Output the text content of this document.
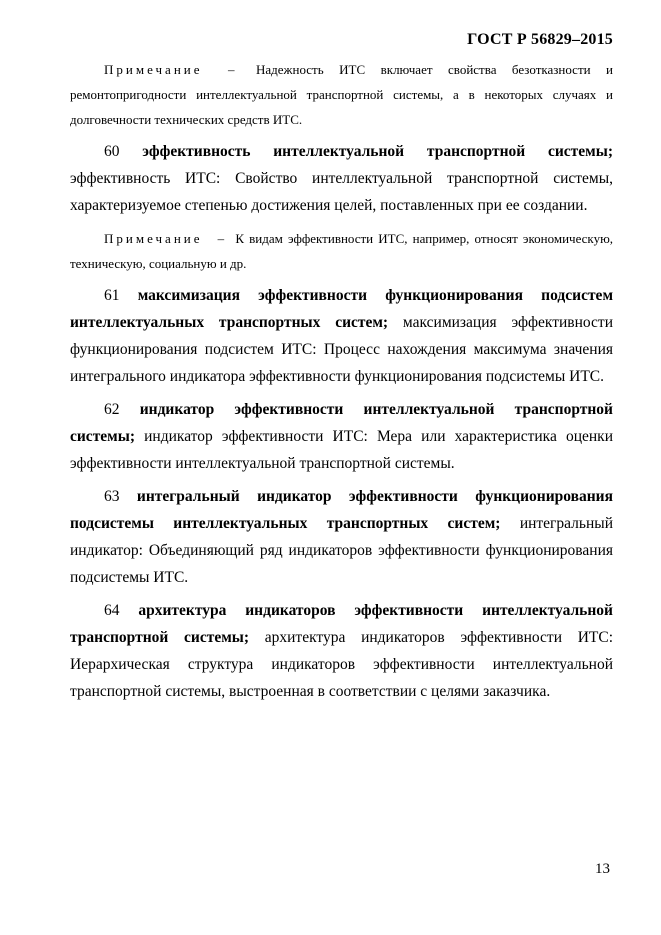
ГОСТ Р 56829–2015

Примечание – Надежность ИТС включает свойства безотказности и ремонтопригодности интеллектуальной транспортной системы, а в некоторых случаях и долговечности технических средств ИТС.

60 эффективность интеллектуальной транспортной системы; эффективность ИТС: Свойство интеллектуальной транспортной системы, характеризуемое степенью достижения целей, поставленных при ее создании.

Примечание – К видам эффективности ИТС, например, относят экономическую, техническую, социальную и др.

61 максимизация эффективности функционирования подсистем интеллектуальных транспортных систем; максимизация эффективности функционирования подсистем ИТС: Процесс нахождения максимума значения интегрального индикатора эффективности функционирования подсистемы ИТС.

62 индикатор эффективности интеллектуальной транспортной системы; индикатор эффективности ИТС: Мера или характеристика оценки эффективности интеллектуальной транспортной системы.

63 интегральный индикатор эффективности функционирования подсистемы интеллектуальных транспортных систем; интегральный индикатор: Объединяющий ряд индикаторов эффективности функционирования подсистемы ИТС.

64 архитектура индикаторов эффективности интеллектуальной транспортной системы; архитектура индикаторов эффективности ИТС: Иерархическая структура индикаторов эффективности интеллектуальной транспортной системы, выстроенная в соответствии с целями заказчика.

13
